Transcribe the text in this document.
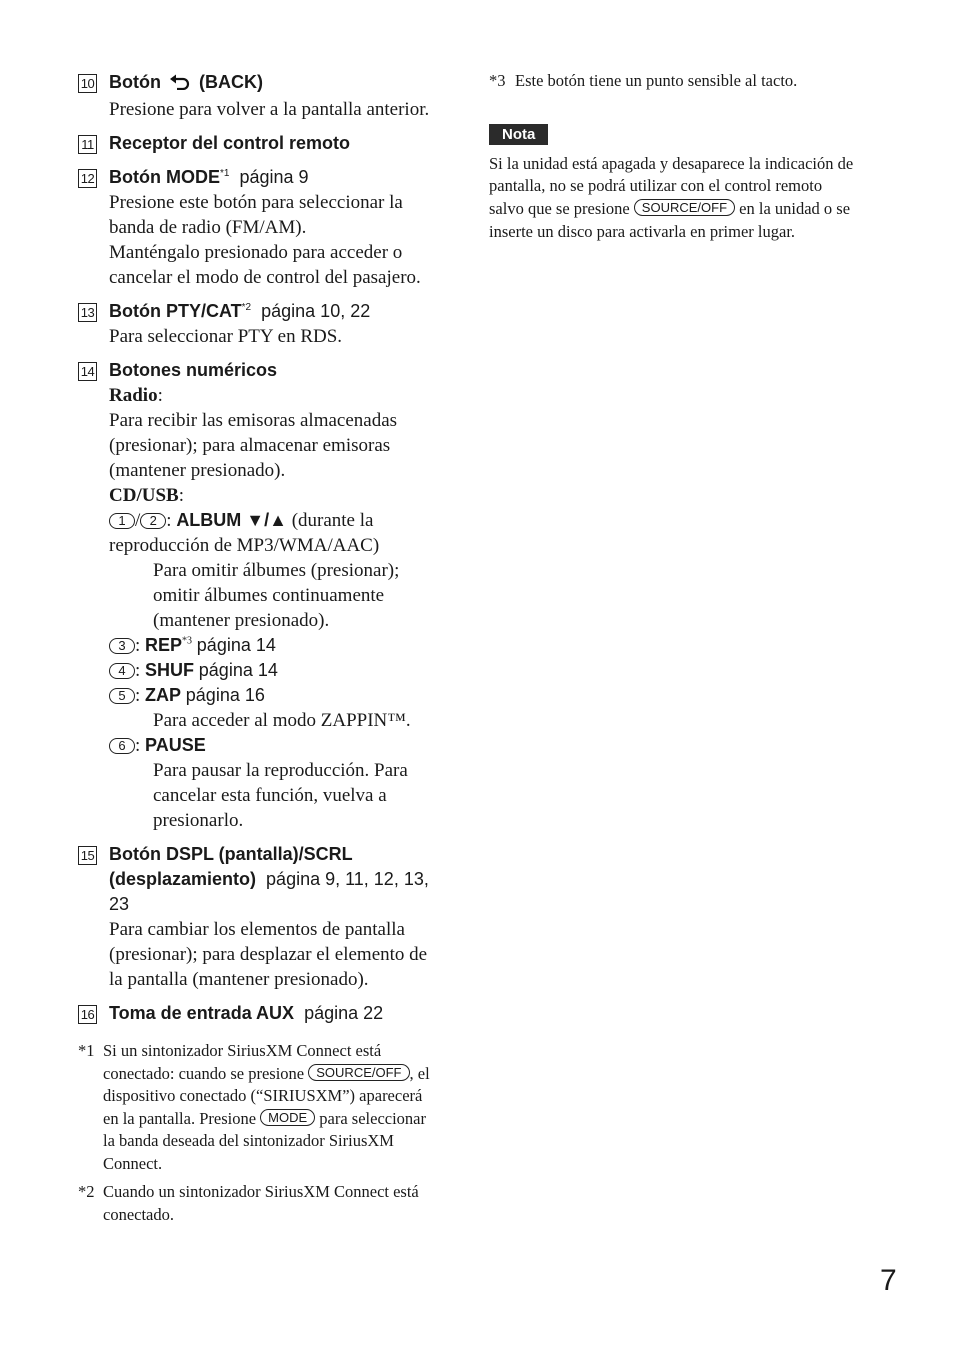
10 Botón (BACK)
Presione para volver a la pantalla anterior.
11 Receptor del control remoto
12 Botón MODE$^{*1}$ página 9
Presione este botón para seleccionar la banda de radio (FM/AM).
Manténgalo presionado para acceder o cancelar el modo de control del pasajero.
13 Botón PTY/CAT$^{*2}$ página 10, 22
Para seleccionar PTY en RDS.
14 Botones numéricos
Radio:
Para recibir las emisoras almacenadas (presionar); para almacenar emisoras (mantener presionado).
CD/USB:
1 / 2 : ALBUM ▼/▲ (durante la reproducción de MP3/WMA/AAC)
Para omitir álbumes (presionar); omitir álbumes continuamente (mantener presionado).
3 : REP$^{*3}$ página 14
4 : SHUF página 14
5 : ZAP página 16
Para acceder al modo ZAPPIN™.
6 : PAUSE
Para pausar la reproducción. Para cancelar esta función, vuelva a presionarlo.
15 Botón DSPL (pantalla)/SCRL (desplazamiento) página 9, 11, 12, 13, 23
Para cambiar los elementos de pantalla (presionar); para desplazar el elemento de la pantalla (mantener presionado).
16 Toma de entrada AUX página 22
*1 Si un sintonizador SiriusXM Connect está conectado: cuando se presione SOURCE/OFF , el dispositivo conectado (“SIRIUSXM”) aparecerá en la pantalla. Presione MODE para seleccionar la banda deseada del sintonizador SiriusXM Connect.
*2 Cuando un sintonizador SiriusXM Connect está conectado.
*3 Este botón tiene un punto sensible al tacto.
Nota
Si la unidad está apagada y desaparece la indicación de pantalla, no se podrá utilizar con el control remoto salvo que se presione SOURCE/OFF en la unidad o se inserte un disco para activarla en primer lugar.
7
